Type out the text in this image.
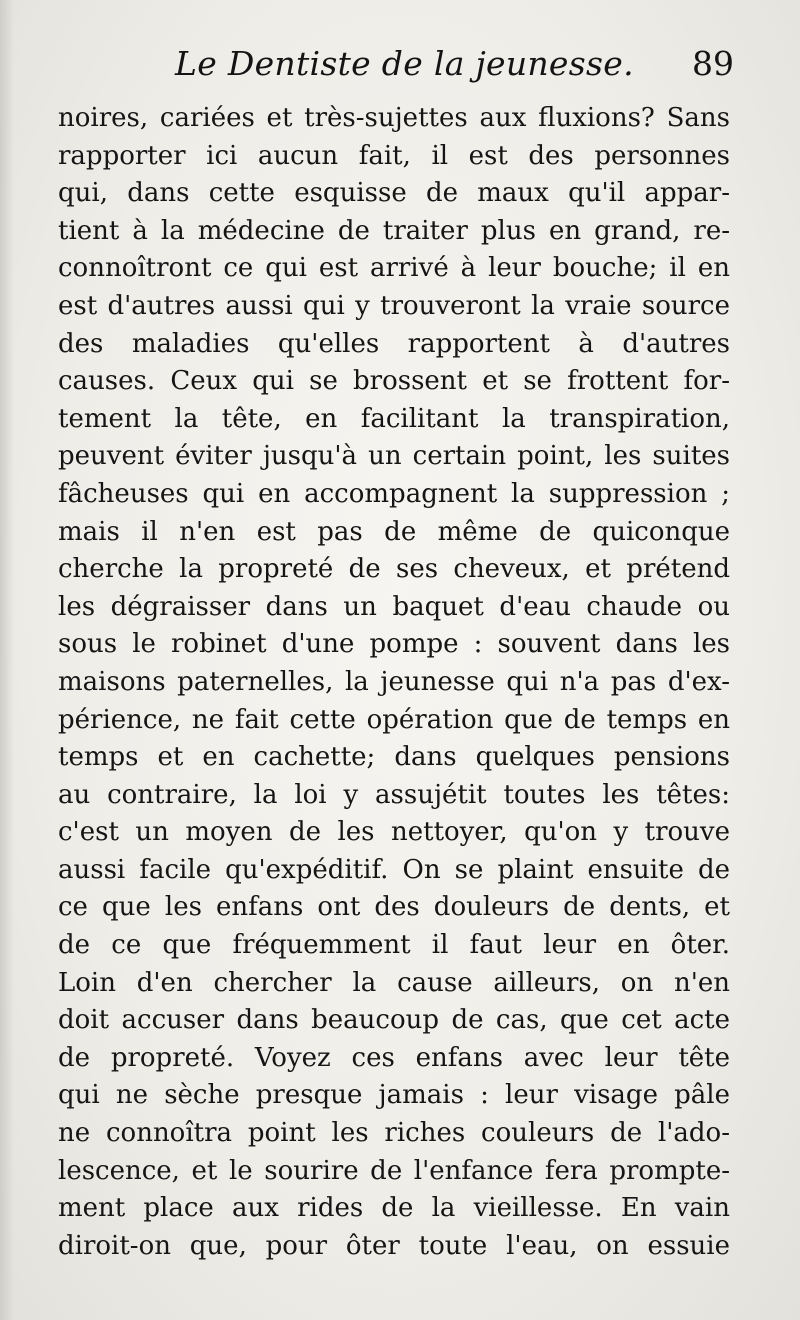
Le Dentiste de la jeunesse. 89
noires, cariées et très-sujettes aux fluxions? Sans
rapporter ici aucun fait, il est des personnes
qui, dans cette esquisse de maux qu'il appar-
tient à la médecine de traiter plus en grand, re-
connoîtront ce qui est arrivé à leur bouche; il en
est d'autres aussi qui y trouveront la vraie source
des maladies qu'elles rapportent à d'autres
causes. Ceux qui se brossent et se frottent for-
tement la tête, en facilitant la transpiration,
peuvent éviter jusqu'à un certain point, les suites
fâcheuses qui en accompagnent la suppression ;
mais il n'en est pas de même de quiconque
cherche la propreté de ses cheveux, et prétend
les dégraisser dans un baquet d'eau chaude ou
sous le robinet d'une pompe : souvent dans les
maisons paternelles, la jeunesse qui n'a pas d'ex-
périence, ne fait cette opération que de temps en
temps et en cachette; dans quelques pensions
au contraire, la loi y assujétit toutes les têtes:
c'est un moyen de les nettoyer, qu'on y trouve
aussi facile qu'expéditif. On se plaint ensuite de
ce que les enfans ont des douleurs de dents, et
de ce que fréquemment il faut leur en ôter.
Loin d'en chercher la cause ailleurs, on n'en
doit accuser dans beaucoup de cas, que cet acte
de propreté. Voyez ces enfans avec leur tête
qui ne sèche presque jamais : leur visage pâle
ne connoîtra point les riches couleurs de l'ado-
lescence, et le sourire de l'enfance fera prompte-
ment place aux rides de la vieillesse. En vain
diroit-on que, pour ôter toute l'eau, on essuie
